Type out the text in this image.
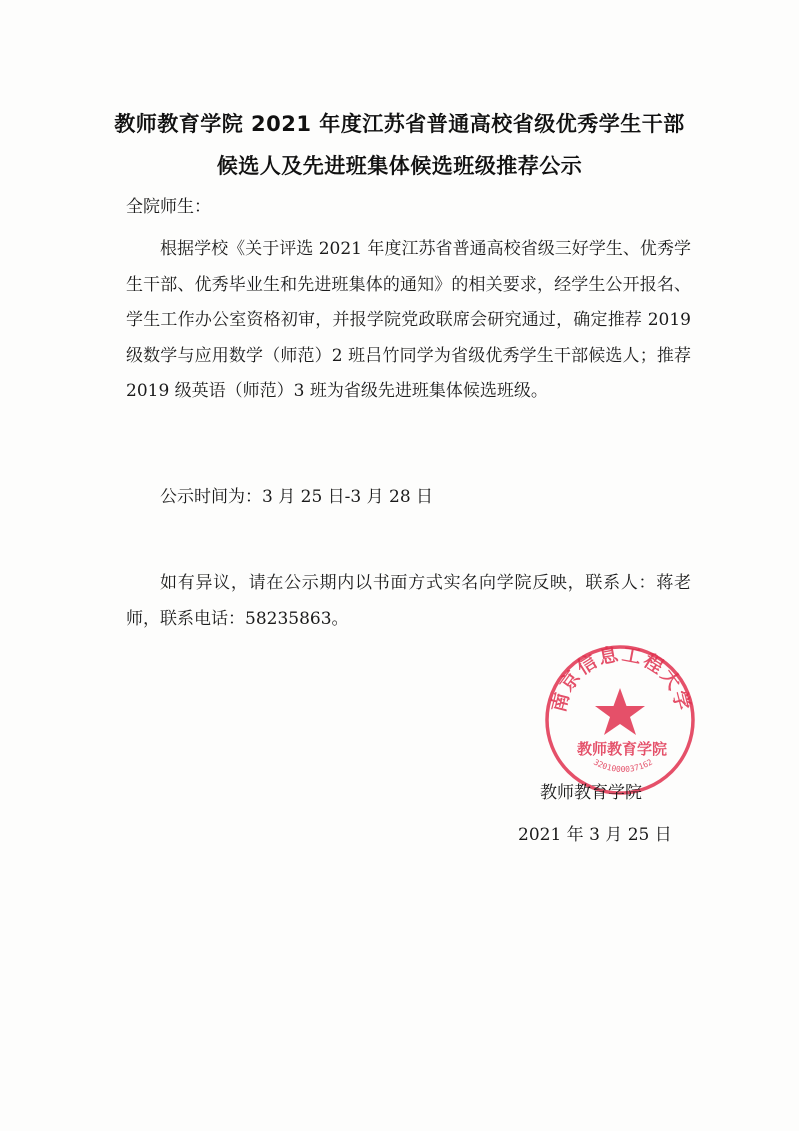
教师教育学院 2021 年度江苏省普通高校省级优秀学生干部
候选人及先进班集体候选班级推荐公示
全院师生：
根据学校《关于评选 2021 年度江苏省普通高校省级三好学生、优秀学生干部、优秀毕业生和先进班集体的通知》的相关要求，经学生公开报名、学生工作办公室资格初审，并报学院党政联席会研究通过，确定推荐 2019 级数学与应用数学（师范）2 班吕竹同学为省级优秀学生干部候选人；推荐 2019 级英语（师范）3 班为省级先进班集体候选班级。
公示时间为：3 月 25 日-3 月 28 日
如有异议，请在公示期内以书面方式实名向学院反映，联系人：蒋老师，联系电话：58235863。
南京信息工程大学
教师教育学院
3201000037162
教师教育学院
2021 年 3 月 25 日
